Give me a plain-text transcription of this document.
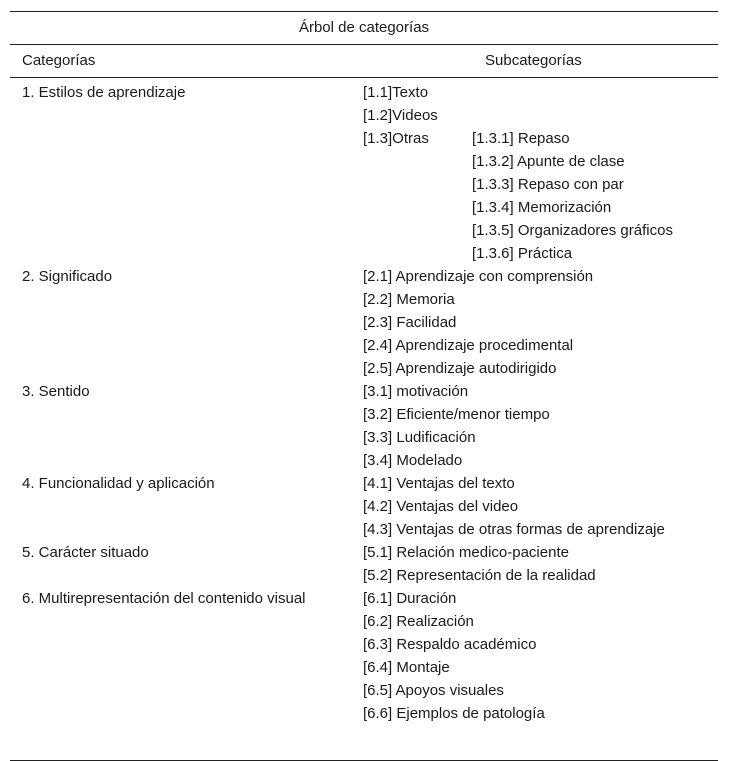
Árbol de categorías
Categorías	Subcategorías
1. Estilos de aprendizaje	[1.1]Texto
[1.2]Videos
[1.3]Otras	[1.3.1] Repaso
[1.3.2] Apunte de clase
[1.3.3] Repaso con par
[1.3.4] Memorización
[1.3.5] Organizadores gráficos
[1.3.6] Práctica
2. Significado	[2.1] Aprendizaje con comprensión
[2.2] Memoria
[2.3] Facilidad
[2.4] Aprendizaje procedimental
[2.5] Aprendizaje autodirigido
3. Sentido	[3.1] motivación
[3.2] Eficiente/menor tiempo
[3.3] Ludificación
[3.4] Modelado
4. Funcionalidad y aplicación	[4.1] Ventajas del texto
[4.2] Ventajas del video
[4.3] Ventajas de otras formas de aprendizaje
5. Carácter situado	[5.1] Relación medico-paciente
[5.2] Representación de la realidad
6. Multirepresentación del contenido visual	[6.1] Duración
[6.2] Realización
[6.3] Respaldo académico
[6.4] Montaje
[6.5] Apoyos visuales
[6.6] Ejemplos de patología
